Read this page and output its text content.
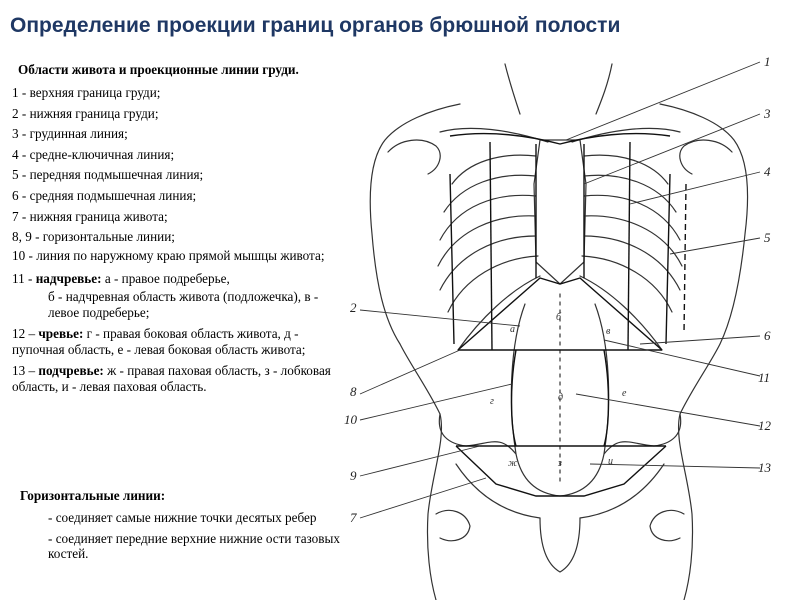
Определение проекции границ органов брюшной полости
Области живота и проекционные линии груди.
1 - верхняя граница груди;
2 - нижняя граница груди;
3 - грудинная линия;
4 - средне-ключичная линия;
5 - передняя подмышечная линия;
6 - средняя подмышечная линия;
7 - нижняя граница живота;
8, 9 - горизонтальные линии;
10 - линия по наружному краю прямой мышцы живота;
11 - надчревье: а - правое подреберье,
б - надчревная область живота (подложечка), в - левое подреберье;
12 – чревье: г - правая боковая область живота, д - пупочная область, е - левая боковая область живота;
13 – подчревье: ж - правая паховая область, з - лобковая область, и - левая паховая область.
Горизонтальные линии:
- соединяет самые нижние точки десятых ребер
- соединяет передние верхние нижние ости тазовых костей.
1
3
4
5
6
11
12
13
2
8
10
9
7
а
б
в
г	д	е
ж	з	и
